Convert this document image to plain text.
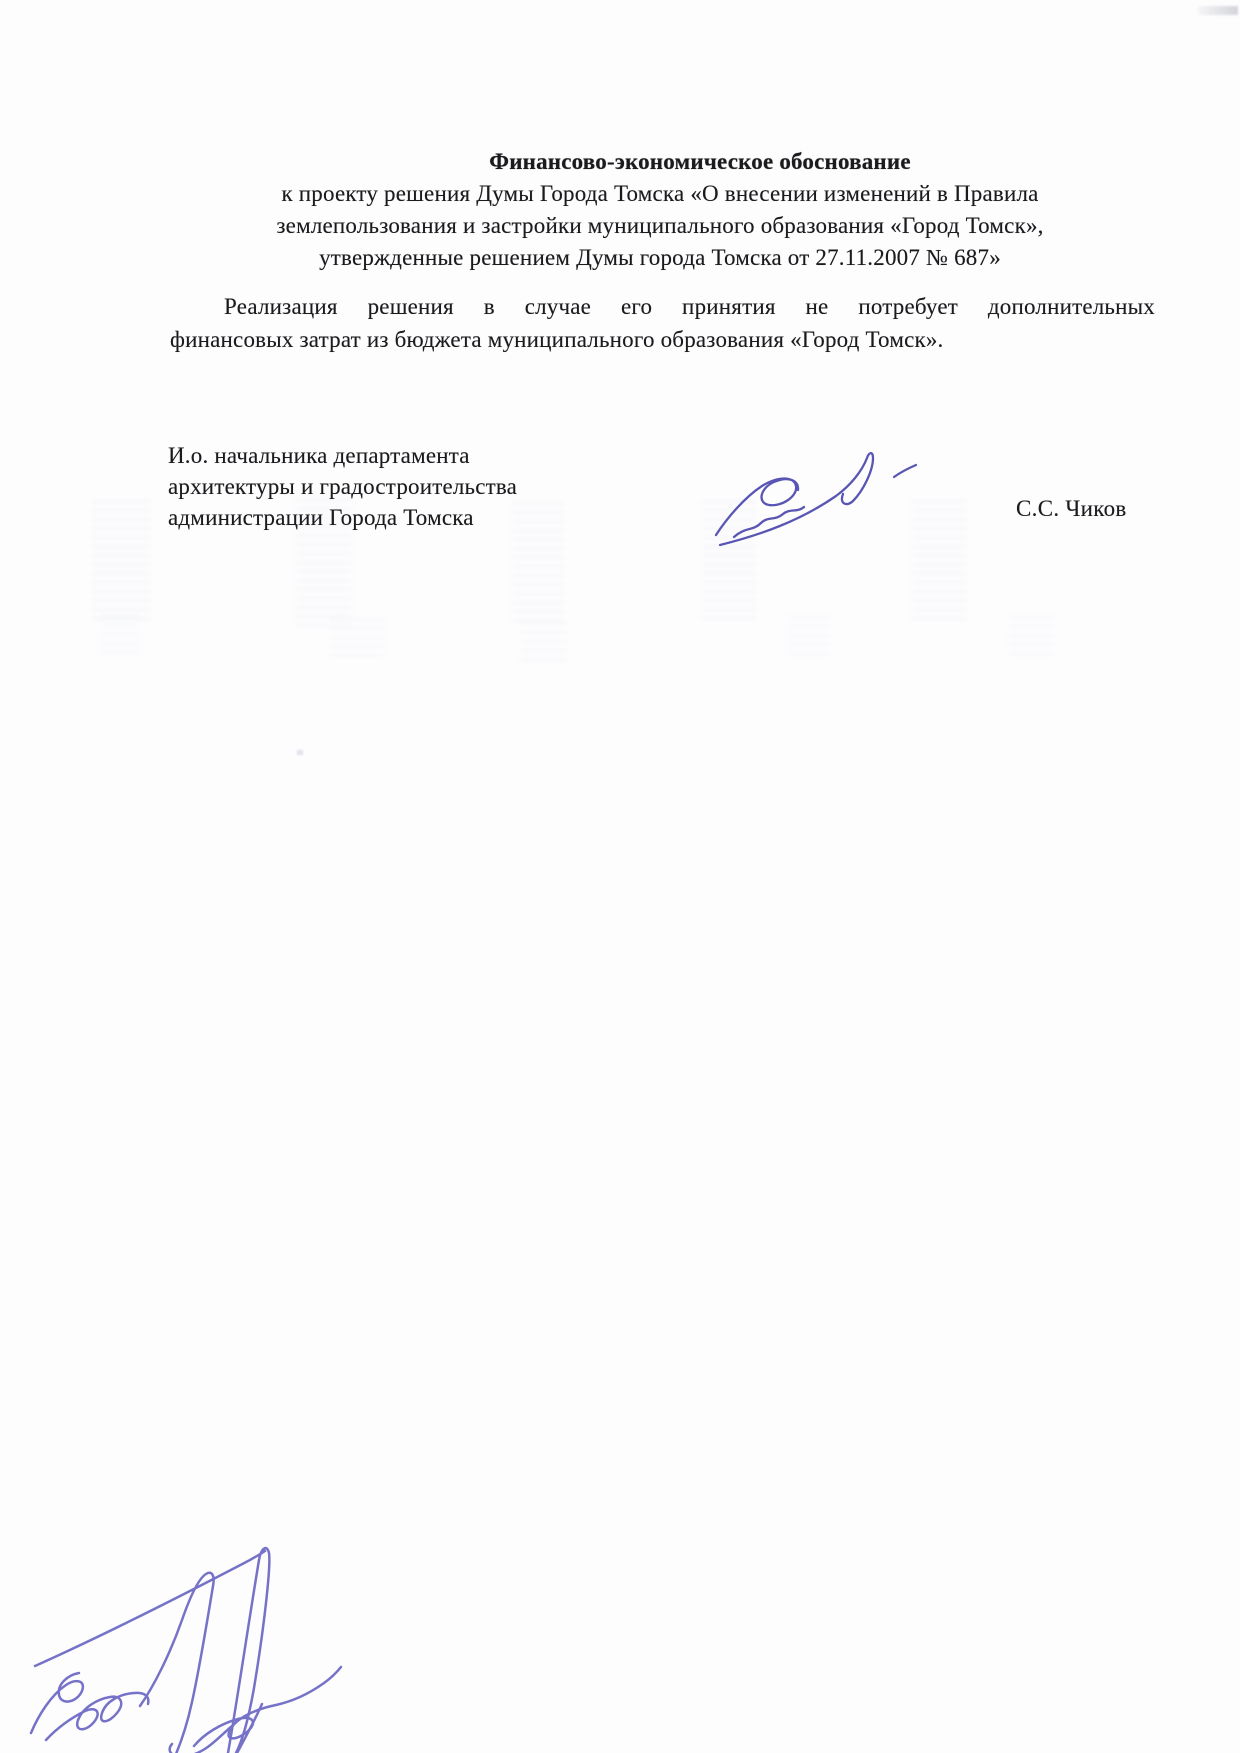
Финансово-экономическое обоснование
к проекту решения Думы Города Томска «О внесении изменений в Правила
землепользования и застройки муниципального образования «Город Томск»,
утвержденные решением Думы города Томска от 27.11.2007 № 687»
Реализация решения в случае его принятия не потребует дополнительных
финансовых затрат из бюджета муниципального образования «Город Томск».
И.о. начальника департамента
архитектуры и градостроительства
администрации Города Томска	С.С. Чиков
